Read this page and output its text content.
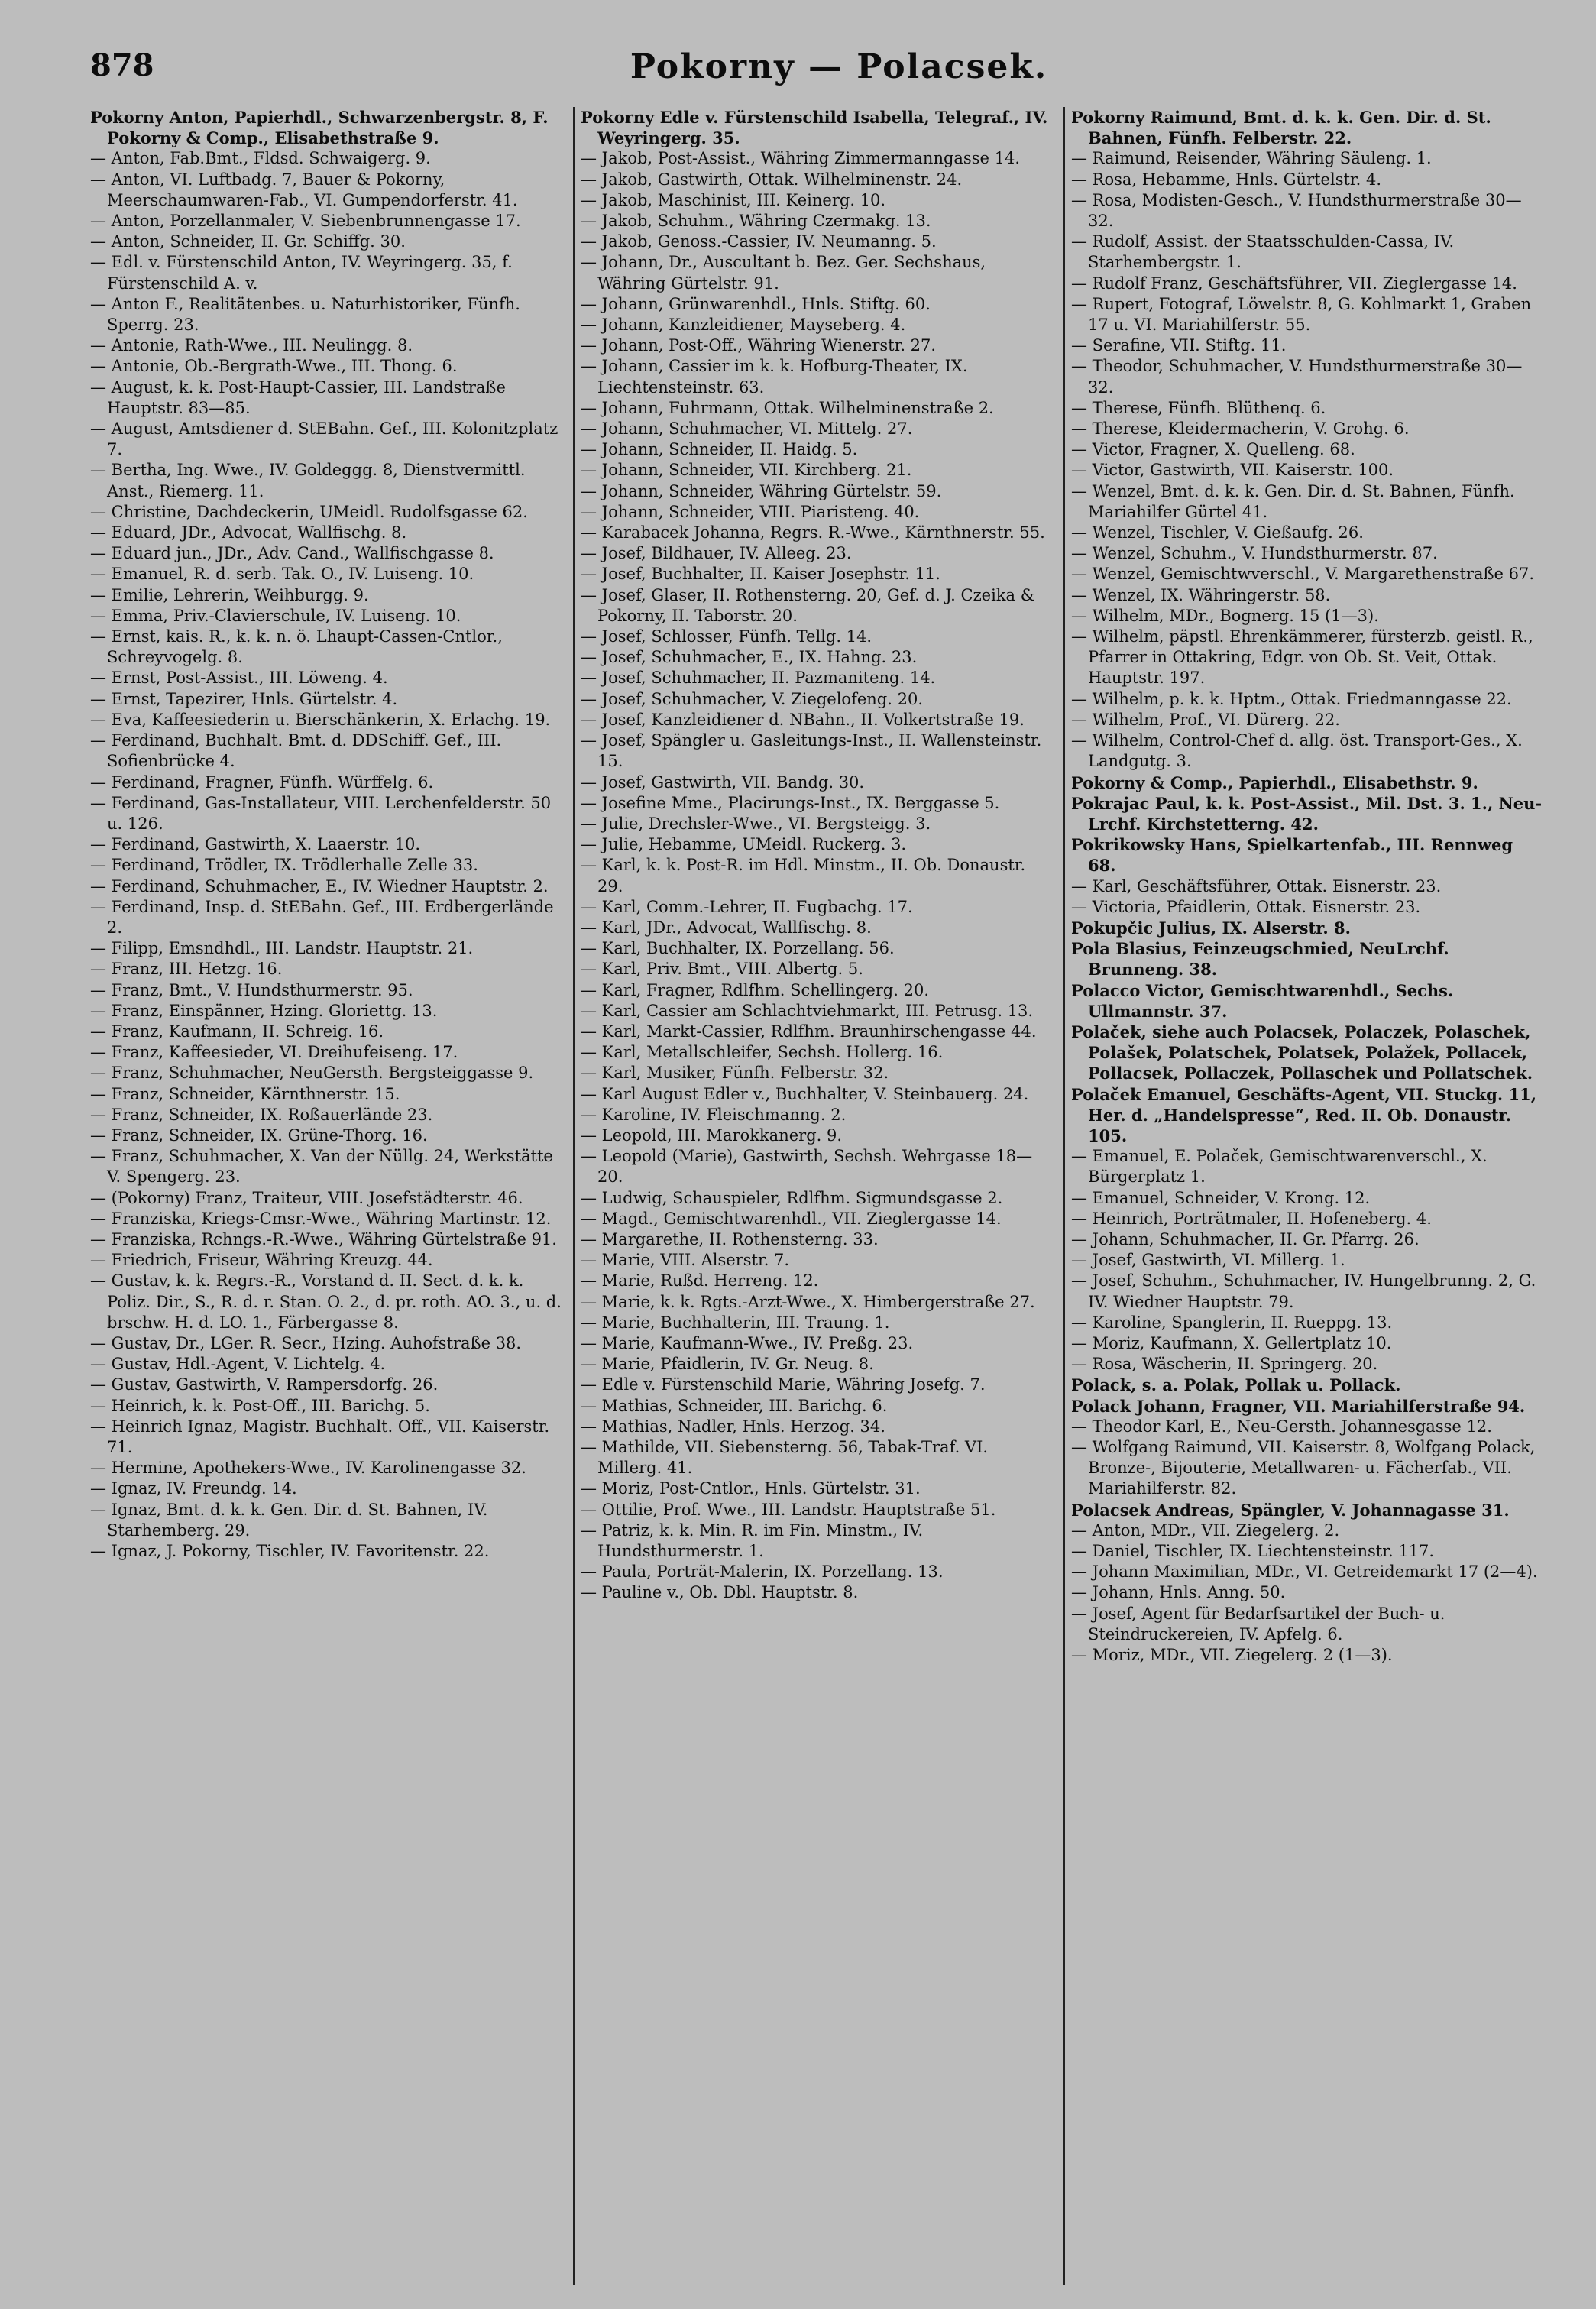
878	Pokorny — Polacsek.
Pokorny Anton, Papierhdl., Schwarzenbergstr. 8, F. Pokorny & Comp., Elisabethstraße 9.
— Anton, Fab.Bmt., Fldsd. Schwaigerg. 9.
— Anton, VI. Luftbadg. 7, Bauer & Pokorny, Meerschaumwaren-Fab., VI. Gumpendorferstr. 41.
— Anton, Porzellanmaler, V. Siebenbrunnengasse 17.
— Anton, Schneider, II. Gr. Schiffg. 30.
— Edl. v. Fürstenschild Anton, IV. Weyringerg. 35, f. Fürstenschild A. v.
— Anton F., Realitätenbes. u. Naturhistoriker, Fünfh. Sperrg. 23.
— Antonie, Rath-Wwe., III. Neulingg. 8.
— Antonie, Ob.-Bergrath-Wwe., III. Thong. 6.
— August, k. k. Post-Haupt-Cassier, III. Landstraße Hauptstr. 83—85.
— August, Amtsdiener d. StEBahn. Gef., III. Kolonitzplatz 7.
— Bertha, Ing. Wwe., IV. Goldeggg. 8, Dienstvermittl. Anst., Riemerg. 11.
— Christine, Dachdeckerin, UMeidl. Rudolfsgasse 62.
— Eduard, JDr., Advocat, Wallfischg. 8.
— Eduard jun., JDr., Adv. Cand., Wallfischgasse 8.
— Emanuel, R. d. serb. Tak. O., IV. Luiseng. 10.
— Emilie, Lehrerin, Weihburgg. 9.
— Emma, Priv.-Clavierschule, IV. Luiseng. 10.
— Ernst, kais. R., k. k. n. ö. Lhaupt-Cassen-Cntlor., Schreyvogelg. 8.
— Ernst, Post-Assist., III. Löweng. 4.
— Ernst, Tapezirer, Hnls. Gürtelstr. 4.
— Eva, Kaffeesiederin u. Bierschänkerin, X. Erlachg. 19.
— Ferdinand, Buchhalt. Bmt. d. DDSchiff. Gef., III. Sofienbrücke 4.
— Ferdinand, Fragner, Fünfh. Würffelg. 6.
— Ferdinand, Gas-Installateur, VIII. Lerchenfelderstr. 50 u. 126.
— Ferdinand, Gastwirth, X. Laaerstr. 10.
— Ferdinand, Trödler, IX. Trödlerhalle Zelle 33.
— Ferdinand, Schuhmacher, E., IV. Wiedner Hauptstr. 2.
— Ferdinand, Insp. d. StEBahn. Gef., III. Erdbergerlände 2.
— Filipp, Emsndhdl., III. Landstr. Hauptstr. 21.
— Franz, III. Hetzg. 16.
— Franz, Bmt., V. Hundsthurmerstr. 95.
— Franz, Einspänner, Hzing. Gloriettg. 13.
— Franz, Kaufmann, II. Schreig. 16.
— Franz, Kaffeesieder, VI. Dreihufeiseng. 17.
— Franz, Schuhmacher, NeuGersth. Bergsteiggasse 9.
— Franz, Schneider, Kärnthnerstr. 15.
— Franz, Schneider, IX. Roßauerlände 23.
— Franz, Schneider, IX. Grüne-Thorg. 16.
— Franz, Schuhmacher, X. Van der Nüllg. 24, Werkstätte V. Spengerg. 23.
— (Pokorny) Franz, Traiteur, VIII. Josefstädterstr. 46.
— Franziska, Kriegs-Cmsr.-Wwe., Währing Martinstr. 12.
— Franziska, Rchngs.-R.-Wwe., Währing Gürtelstraße 91.
— Friedrich, Friseur, Währing Kreuzg. 44.
— Gustav, k. k. Regrs.-R., Vorstand d. II. Sect. d. k. k. Poliz. Dir., S., R. d. r. Stan. O. 2., d. pr. roth. AO. 3., u. d. brschw. H. d. LO. 1., Färbergasse 8.
— Gustav, Dr., LGer. R. Secr., Hzing. Auhofstraße 38.
— Gustav, Hdl.-Agent, V. Lichtelg. 4.
— Gustav, Gastwirth, V. Rampersdorfg. 26.
— Heinrich, k. k. Post-Off., III. Barichg. 5.
— Heinrich Ignaz, Magistr. Buchhalt. Off., VII. Kaiserstr. 71.
— Hermine, Apothekers-Wwe., IV. Karolinengasse 32.
— Ignaz, IV. Freundg. 14.
— Ignaz, Bmt. d. k. k. Gen. Dir. d. St. Bahnen, IV. Starhemberg. 29.
— Ignaz, J. Pokorny, Tischler, IV. Favoritenstr. 22.
Pokorny Edle v. Fürstenschild Isabella, Telegraf., IV. Weyringerg. 35.
— Jakob, Post-Assist., Währing Zimmermanngasse 14.
— Jakob, Gastwirth, Ottak. Wilhelminenstr. 24.
— Jakob, Maschinist, III. Keinerg. 10.
— Jakob, Schuhm., Währing Czermakg. 13.
— Jakob, Genoss.-Cassier, IV. Neumanng. 5.
— Johann, Dr., Auscultant b. Bez. Ger. Sechshaus, Währing Gürtelstr. 91.
— Johann, Grünwarenhdl., Hnls. Stiftg. 60.
— Johann, Kanzleidiener, Mayseberg. 4.
— Johann, Post-Off., Währing Wienerstr. 27.
— Johann, Cassier im k. k. Hofburg-Theater, IX. Liechtensteinstr. 63.
— Johann, Fuhrmann, Ottak. Wilhelminenstraße 2.
— Johann, Schuhmacher, VI. Mittelg. 27.
— Johann, Schneider, II. Haidg. 5.
— Johann, Schneider, VII. Kirchberg. 21.
— Johann, Schneider, Währing Gürtelstr. 59.
— Johann, Schneider, VIII. Piaristeng. 40.
— Karabacek Johanna, Regrs. R.-Wwe., Kärnthnerstr. 55.
— Josef, Bildhauer, IV. Alleeg. 23.
— Josef, Buchhalter, II. Kaiser Josephstr. 11.
— Josef, Glaser, II. Rothensterng. 20, Gef. d. J. Czeika & Pokorny, II. Taborstr. 20.
— Josef, Schlosser, Fünfh. Tellg. 14.
— Josef, Schuhmacher, E., IX. Hahng. 23.
— Josef, Schuhmacher, II. Pazmaniteng. 14.
— Josef, Schuhmacher, V. Ziegelofeng. 20.
— Josef, Kanzleidiener d. NBahn., II. Volkertstraße 19.
— Josef, Spängler u. Gasleitungs-Inst., II. Wallensteinstr. 15.
— Josef, Gastwirth, VII. Bandg. 30.
— Josefine Mme., Placirungs-Inst., IX. Berggasse 5.
— Julie, Drechsler-Wwe., VI. Bergsteigg. 3.
— Julie, Hebamme, UMeidl. Ruckerg. 3.
— Karl, k. k. Post-R. im Hdl. Minstm., II. Ob. Donaustr. 29.
— Karl, Comm.-Lehrer, II. Fugbachg. 17.
— Karl, JDr., Advocat, Wallfischg. 8.
— Karl, Buchhalter, IX. Porzellang. 56.
— Karl, Priv. Bmt., VIII. Albertg. 5.
— Karl, Fragner, Rdlfhm. Schellingerg. 20.
— Karl, Cassier am Schlachtviehmarkt, III. Petrusg. 13.
— Karl, Markt-Cassier, Rdlfhm. Braunhirschengasse 44.
— Karl, Metallschleifer, Sechsh. Hollerg. 16.
— Karl, Musiker, Fünfh. Felberstr. 32.
— Karl August Edler v., Buchhalter, V. Steinbauerg. 24.
— Karoline, IV. Fleischmanng. 2.
— Leopold, III. Marokkanerg. 9.
— Leopold (Marie), Gastwirth, Sechsh. Wehrgasse 18—20.
— Ludwig, Schauspieler, Rdlfhm. Sigmundsgasse 2.
— Magd., Gemischtwarenhdl., VII. Zieglergasse 14.
— Margarethe, II. Rothensterng. 33.
— Marie, VIII. Alserstr. 7.
— Marie, Rußd. Herreng. 12.
— Marie, k. k. Rgts.-Arzt-Wwe., X. Himbergerstraße 27.
— Marie, Buchhalterin, III. Traung. 1.
— Marie, Kaufmann-Wwe., IV. Preßg. 23.
— Marie, Pfaidlerin, IV. Gr. Neug. 8.
— Edle v. Fürstenschild Marie, Währing Josefg. 7.
— Mathias, Schneider, III. Barichg. 6.
— Mathias, Nadler, Hnls. Herzog. 34.
— Mathilde, VII. Siebensterng. 56, Tabak-Traf. VI. Millerg. 41.
— Moriz, Post-Cntlor., Hnls. Gürtelstr. 31.
— Ottilie, Prof. Wwe., III. Landstr. Hauptstraße 51.
— Patriz, k. k. Min. R. im Fin. Minstm., IV. Hundsthurmerstr. 1.
— Paula, Porträt-Malerin, IX. Porzellang. 13.
— Pauline v., Ob. Dbl. Hauptstr. 8.
Pokorny Raimund, Bmt. d. k. k. Gen. Dir. d. St. Bahnen, Fünfh. Felberstr. 22.
— Raimund, Reisender, Währing Säuleng. 1.
— Rosa, Hebamme, Hnls. Gürtelstr. 4.
— Rosa, Modisten-Gesch., V. Hundsthurmerstraße 30—32.
— Rudolf, Assist. der Staatsschulden-Cassa, IV. Starhembergstr. 1.
— Rudolf Franz, Geschäftsführer, VII. Zieglergasse 14.
— Rupert, Fotograf, Löwelstr. 8, G. Kohlmarkt 1, Graben 17 u. VI. Mariahilferstr. 55.
— Serafine, VII. Stiftg. 11.
— Theodor, Schuhmacher, V. Hundsthurmerstraße 30—32.
— Therese, Fünfh. Blüthenq. 6.
— Therese, Kleidermacherin, V. Grohg. 6.
— Victor, Fragner, X. Quelleng. 68.
— Victor, Gastwirth, VII. Kaiserstr. 100.
— Wenzel, Bmt. d. k. k. Gen. Dir. d. St. Bahnen, Fünfh. Mariahilfer Gürtel 41.
— Wenzel, Tischler, V. Gießaufg. 26.
— Wenzel, Schuhm., V. Hundsthurmerstr. 87.
— Wenzel, Gemischtwverschl., V. Margarethenstraße 67.
— Wenzel, IX. Währingerstr. 58.
— Wilhelm, MDr., Bognerg. 15 (1—3).
— Wilhelm, päpstl. Ehrenkämmerer, fürsterzb. geistl. R., Pfarrer in Ottakring, Edgr. von Ob. St. Veit, Ottak. Hauptstr. 197.
— Wilhelm, p. k. k. Hptm., Ottak. Friedmanngasse 22.
— Wilhelm, Prof., VI. Dürerg. 22.
— Wilhelm, Control-Chef d. allg. öst. Transport-Ges., X. Landgutg. 3.
Pokorny & Comp., Papierhdl., Elisabethstr. 9.
Pokrajac Paul, k. k. Post-Assist., Mil. Dst. 3. 1., Neu-Lrchf. Kirchstetterng. 42.
Pokrikowsky Hans, Spielkartenfab., III. Rennweg 68.
— Karl, Geschäftsführer, Ottak. Eisnerstr. 23.
— Victoria, Pfaidlerin, Ottak. Eisnerstr. 23.
Pokupčic Julius, IX. Alserstr. 8.
Pola Blasius, Feinzeugschmied, NeuLrchf. Brunneng. 38.
Polacco Victor, Gemischtwarenhdl., Sechs. Ullmannstr. 37.
Polaček, siehe auch Polacsek, Polaczek, Polaschek, Polašek, Polatschek, Polatsek, Polažek, Pollacek, Pollacsek, Pollaczek, Pollaschek und Pollatschek.
Polaček Emanuel, Geschäfts-Agent, VII. Stuckg. 11, Her. d. „Handelspresse“, Red. II. Ob. Donaustr. 105.
— Emanuel, E. Polaček, Gemischtwarenverschl., X. Bürgerplatz 1.
— Emanuel, Schneider, V. Krong. 12.
— Heinrich, Porträtmaler, II. Hofeneberg. 4.
— Johann, Schuhmacher, II. Gr. Pfarrg. 26.
— Josef, Gastwirth, VI. Millerg. 1.
— Josef, Schuhm., Schuhmacher, IV. Hungelbrunng. 2, G. IV. Wiedner Hauptstr. 79.
— Karoline, Spanglerin, II. Rueppg. 13.
— Moriz, Kaufmann, X. Gellertplatz 10.
— Rosa, Wäscherin, II. Springerg. 20.
Polack, s. a. Polak, Pollak u. Pollack.
Polack Johann, Fragner, VII. Mariahilferstraße 94.
— Theodor Karl, E., Neu-Gersth. Johannesgasse 12.
— Wolfgang Raimund, VII. Kaiserstr. 8, Wolfgang Polack, Bronze-, Bijouterie, Metallwaren- u. Fächerfab., VII. Mariahilferstr. 82.
Polacsek Andreas, Spängler, V. Johannagasse 31.
— Anton, MDr., VII. Ziegelerg. 2.
— Daniel, Tischler, IX. Liechtensteinstr. 117.
— Johann Maximilian, MDr., VI. Getreidemarkt 17 (2—4).
— Johann, Hnls. Anng. 50.
— Josef, Agent für Bedarfsartikel der Buch- u. Steindruckereien, IV. Apfelg. 6.
— Moriz, MDr., VII. Ziegelerg. 2 (1—3).
